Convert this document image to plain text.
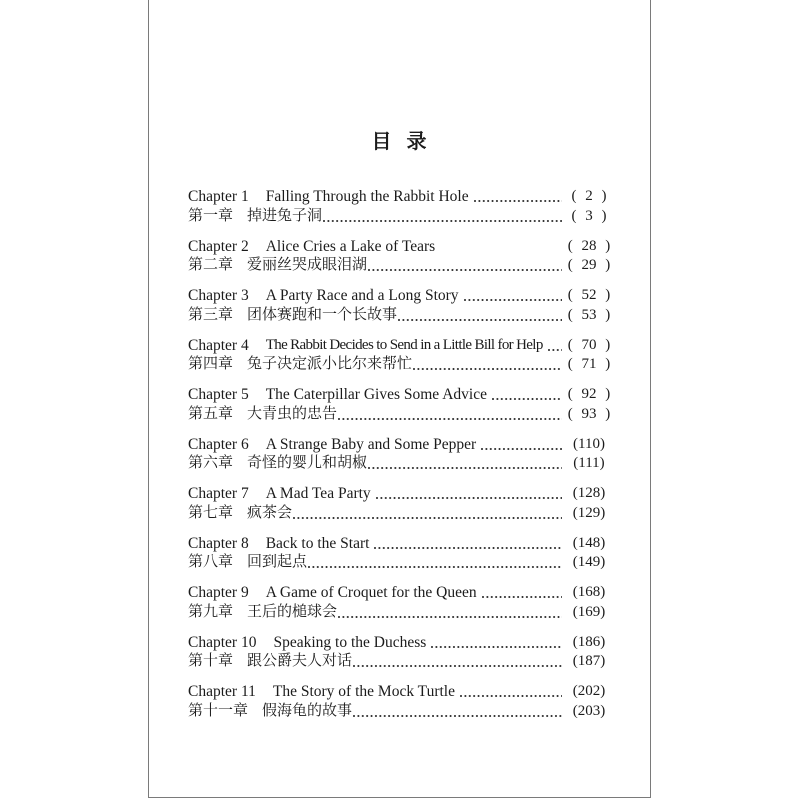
目 录
Chapter 1 Falling Through the Rabbit Hole	( 2 )
第一章 掉进兔子洞	( 3 )
Chapter 2 Alice Cries a Lake of Tears	( 28 )
第二章 爱丽丝哭成眼泪湖	( 29 )
Chapter 3 A Party Race and a Long Story	( 52 )
第三章 团体赛跑和一个长故事	( 53 )
Chapter 4 The Rabbit Decides to Send in a Little Bill for Help ( 70 )
第四章 兔子决定派小比尔来帮忙	( 71 )
Chapter 5 The Caterpillar Gives Some Advice	( 92 )
第五章 大青虫的忠告	( 93 )
Chapter 6 A Strange Baby and Some Pepper	(110)
第六章 奇怪的婴儿和胡椒	(111)
Chapter 7 A Mad Tea Party	(128)
第七章 疯茶会	(129)
Chapter 8 Back to the Start	(148)
第八章 回到起点	(149)
Chapter 9 A Game of Croquet for the Queen	(168)
第九章 王后的槌球会	(169)
Chapter 10 Speaking to the Duchess	(186)
第十章 跟公爵夫人对话	(187)
Chapter 11 The Story of the Mock Turtle	(202)
第十一章 假海龟的故事	(203)
